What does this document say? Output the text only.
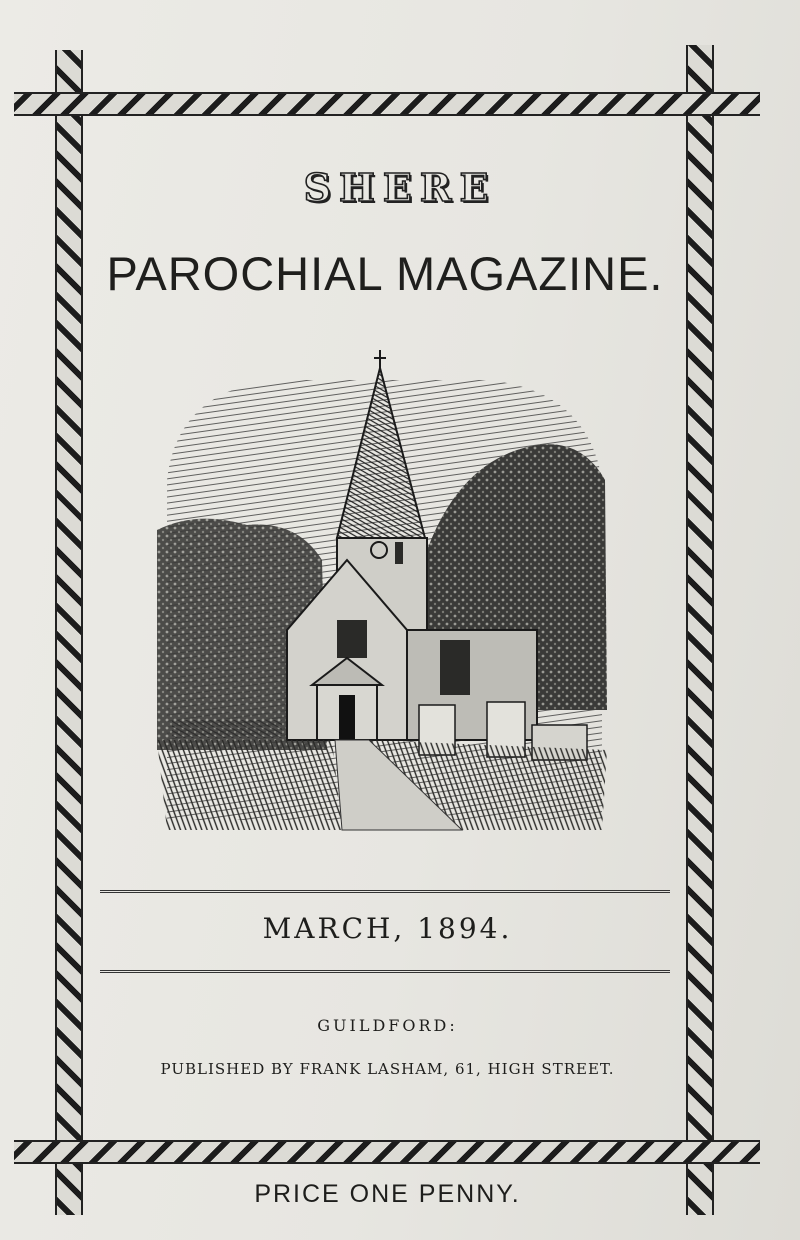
SHERE
PAROCHIAL MAGAZINE.
MARCH, 1894.
GUILDFORD:
PUBLISHED BY FRANK LASHAM, 61, HIGH STREET.
PRICE ONE PENNY.
